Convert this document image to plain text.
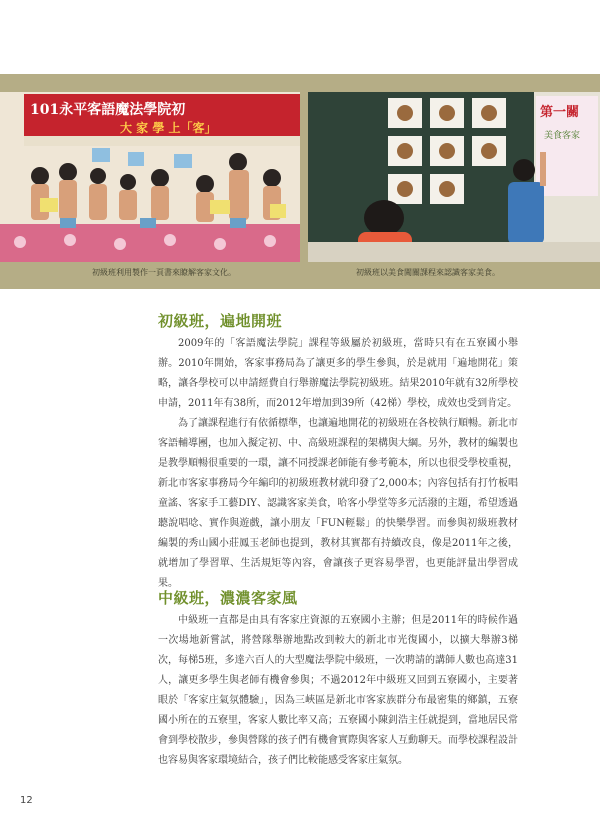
101永平客語魔法學院初
大 家 學 上「客」
初級班利用製作一頁書來瞭解客家文化。
第一關
美食客家
初級班以美食闖關課程來認識客家美食。
初級班，遍地開班

2009年的「客語魔法學院」課程等級屬於初級班，當時只有在五寮國小舉辦。2010年開始，客家事務局為了讓更多的學生參與，於是就用「遍地開花」策略，讓各學校可以申請經費自行舉辦魔法學院初級班。結果2010年就有32所學校申請，2011年有38所，而2012年增加到39所（42梯）學校，成效也受到肯定。

為了讓課程進行有依循標準，也讓遍地開花的初級班在各校執行順暢。新北市客語輔導團，也加入擬定初、中、高級班課程的架構與大綱。另外，教材的編製也是教學順暢很重要的一環，讓不同授課老師能有參考範本，所以也很受學校重視，新北市客家事務局今年編印的初級班教材就印發了2,000本；內容包括有打竹板唱童謠、客家手工藝DIY、認識客家美食，哈客小學堂等多元活潑的主題，希望透過聽說唱唸、實作與遊戲，讓小朋友「FUN輕鬆」的快樂學習。而參與初級班教材編製的秀山國小莊鳳玉老師也提到，教材其實都有持續改良，像是2011年之後，就增加了學習單、生活規矩等內容，會讓孩子更容易學習，也更能評量出學習成果。

中級班，濃濃客家風

中級班一直都是由具有客家庄資源的五寮國小主辦；但是2011年的時候作過一次場地新嘗試，將營隊舉辦地點改到較大的新北市光復國小，以擴大舉辦3梯次，每梯5班，多達六百人的大型魔法學院中級班，一次聘請的講師人數也高達31人，讓更多學生與老師有機會參與；不過2012年中級班又回到五寮國小，主要著眼於「客家庄氣氛體驗」，因為三峽區是新北市客家族群分布最密集的鄉鎮，五寮國小所在的五寮里，客家人數比率又高；五寮國小陳釗浩主任就提到，當地居民常會到學校散步，參與營隊的孩子們有機會實際與客家人互動聊天。而學校課程設計也容易與客家環境結合，孩子們比較能感受客家庄氣氛。

12
